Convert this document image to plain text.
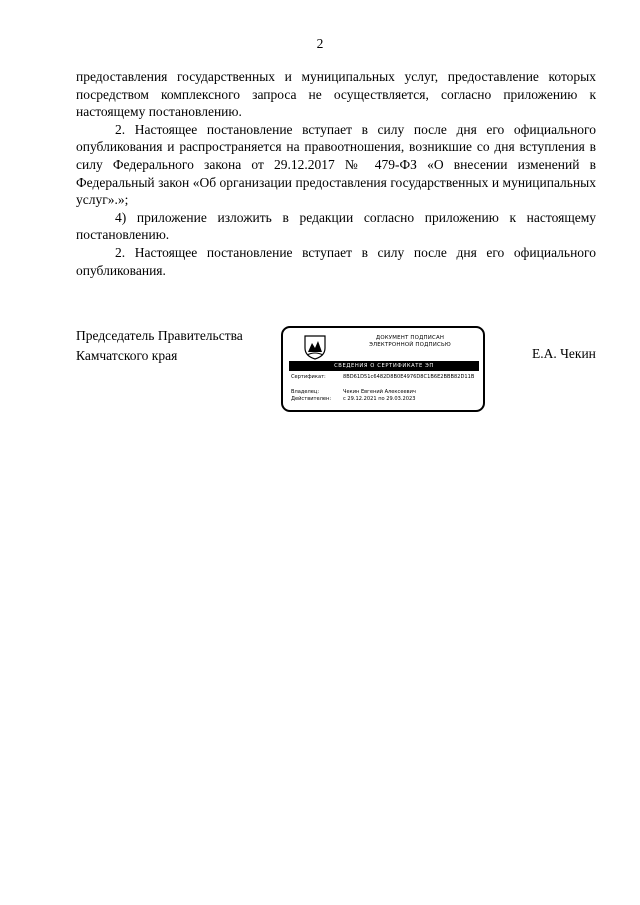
2

предоставления государственных и муниципальных услуг, предоставление которых посредством комплексного запроса не осуществляется, согласно приложению к настоящему постановлению.

2. Настоящее постановление вступает в силу после дня его официального опубликования и распространяется на правоотношения, возникшие со дня вступления в силу Федерального закона от 29.12.2017 № 479-ФЗ «О внесении изменений в Федеральный закон «Об организации предоставления государственных и муниципальных услуг».»;

4) приложение изложить в редакции согласно приложению к настоящему постановлению.

2. Настоящее постановление вступает в силу после дня его официального опубликования.

Председатель Правительства
Камчатского края	Е.А. Чекин
ДОКУМЕНТ ПОДПИСАН
ЭЛЕКТРОННОЙ ПОДПИСЬЮ
СВЕДЕНИЯ О СЕРТИФИКАТЕ ЭП
Сертификат:	8BD61D51c6482D8B0E4976D8C1B6E2BBB82D11B
Владелец:	Чекин Евгений Алексеевич
Действителен:	с 29.12.2021 по 29.03.2023
